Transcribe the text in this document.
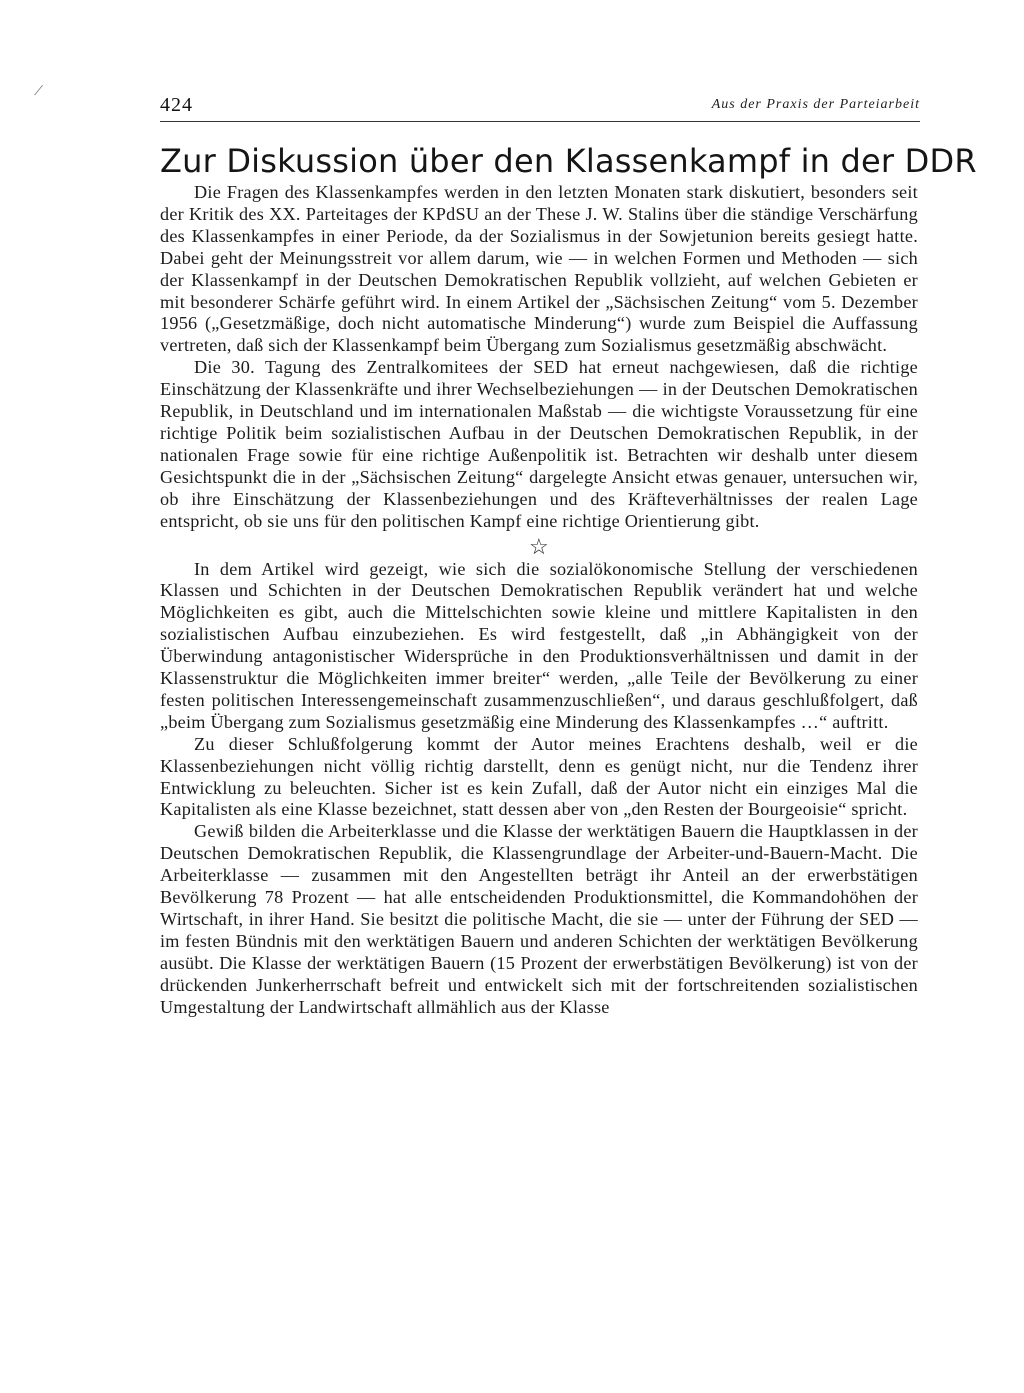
/
424	Aus der Praxis der Parteiarbeit
Zur Diskussion über den Klassenkampf in der DDR

Die Fragen des Klassenkampfes werden in den letzten Monaten stark diskutiert, besonders seit der Kritik des XX. Parteitages der KPdSU an der These J. W. Stalins über die ständige Verschärfung des Klassenkampfes in einer Periode, da der Sozialismus in der Sowjetunion bereits gesiegt hatte. Dabei geht der Meinungsstreit vor allem darum, wie — in welchen Formen und Methoden — sich der Klassenkampf in der Deutschen Demokratischen Republik vollzieht, auf welchen Gebieten er mit besonderer Schärfe geführt wird. In einem Artikel der „Sächsischen Zeitung“ vom 5. Dezember 1956 („Gesetzmäßige, doch nicht automatische Minderung“) wurde zum Beispiel die Auffassung vertreten, daß sich der Klassenkampf beim Übergang zum Sozialismus gesetzmäßig abschwächt.

Die 30. Tagung des Zentralkomitees der SED hat erneut nachgewiesen, daß die richtige Einschätzung der Klassenkräfte und ihrer Wechselbeziehungen — in der Deutschen Demokratischen Republik, in Deutschland und im internationalen Maßstab — die wichtigste Voraussetzung für eine richtige Politik beim sozialistischen Aufbau in der Deutschen Demokratischen Republik, in der nationalen Frage sowie für eine richtige Außenpolitik ist. Betrachten wir deshalb unter diesem Gesichtspunkt die in der „Sächsischen Zeitung“ dargelegte Ansicht etwas genauer, untersuchen wir, ob ihre Einschätzung der Klassenbeziehungen und des Kräfteverhältnisses der realen Lage entspricht, ob sie uns für den politischen Kampf eine richtige Orientierung gibt.

☆

In dem Artikel wird gezeigt, wie sich die sozialökonomische Stellung der verschiedenen Klassen und Schichten in der Deutschen Demokratischen Republik verändert hat und welche Möglichkeiten es gibt, auch die Mittelschichten sowie kleine und mittlere Kapitalisten in den sozialistischen Aufbau einzubeziehen. Es wird festgestellt, daß „in Abhängigkeit von der Überwindung antagonistischer Widersprüche in den Produktionsverhältnissen und damit in der Klassenstruktur die Möglichkeiten immer breiter“ werden, „alle Teile der Bevölkerung zu einer festen politischen Interessengemeinschaft zusammenzuschließen“, und daraus geschlußfolgert, daß „beim Übergang zum Sozialismus gesetzmäßig eine Minderung des Klassenkampfes …“ auftritt.

Zu dieser Schlußfolgerung kommt der Autor meines Erachtens deshalb, weil er die Klassenbeziehungen nicht völlig richtig darstellt, denn es genügt nicht, nur die Tendenz ihrer Entwicklung zu beleuchten. Sicher ist es kein Zufall, daß der Autor nicht ein einziges Mal die Kapitalisten als eine Klasse bezeichnet, statt dessen aber von „den Resten der Bourgeoisie“ spricht.

Gewiß bilden die Arbeiterklasse und die Klasse der werktätigen Bauern die Hauptklassen in der Deutschen Demokratischen Republik, die Klassengrundlage der Arbeiter-und-Bauern-Macht. Die Arbeiterklasse — zusammen mit den Angestellten beträgt ihr Anteil an der erwerbstätigen Bevölkerung 78 Prozent — hat alle entscheidenden Produktionsmittel, die Kommandohöhen der Wirtschaft, in ihrer Hand. Sie besitzt die politische Macht, die sie — unter der Führung der SED — im festen Bündnis mit den werktätigen Bauern und anderen Schichten der werktätigen Bevölkerung ausübt. Die Klasse der werktätigen Bauern (15 Prozent der erwerbstätigen Bevölkerung) ist von der drückenden Junkerherrschaft befreit und entwickelt sich mit der fortschreitenden sozialistischen Umgestaltung der Landwirtschaft allmählich aus der Klasse
